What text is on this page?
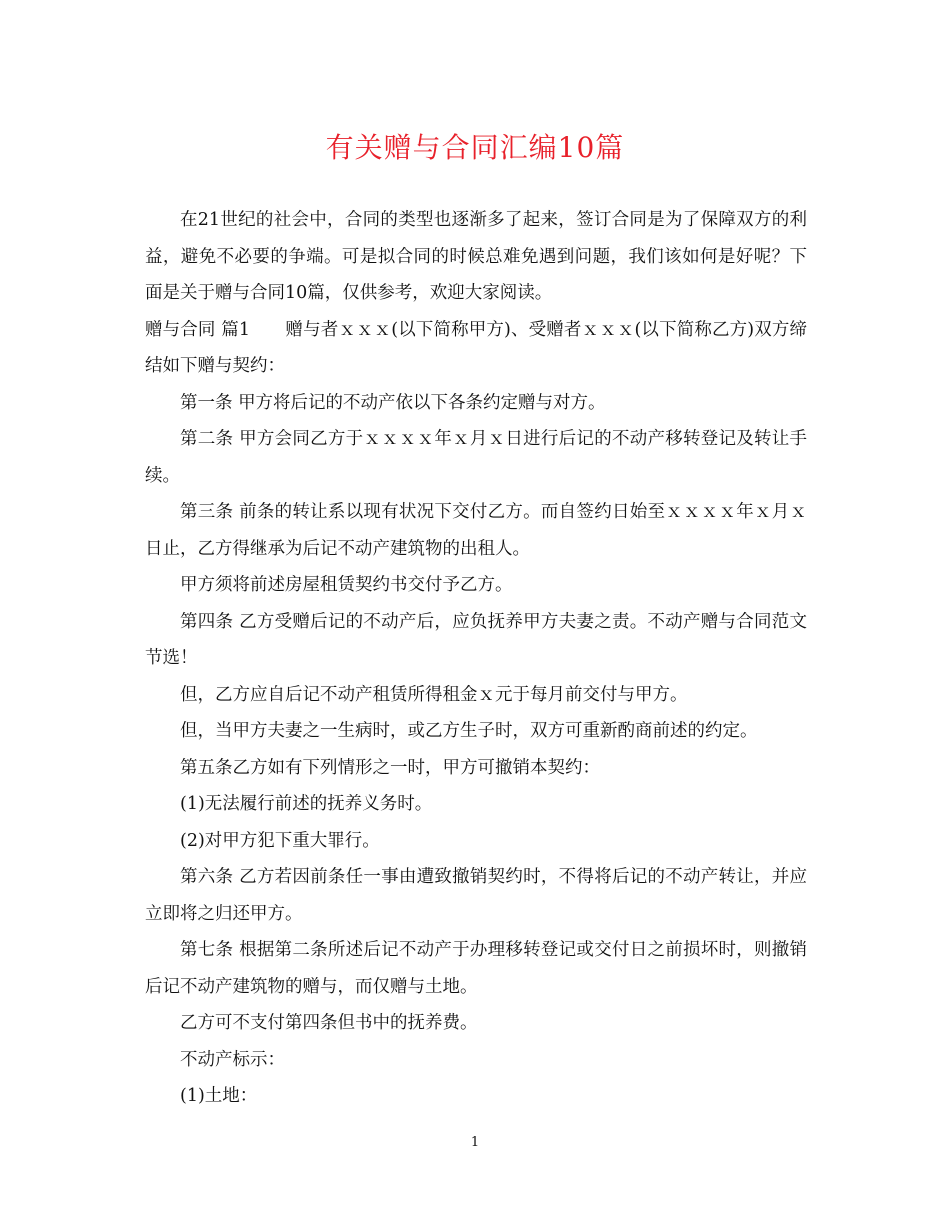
有关赠与合同汇编10篇

在21世纪的社会中，合同的类型也逐渐多了起来，签订合同是为了保障双方的利益，避免不必要的争端。可是拟合同的时候总难免遇到问题，我们该如何是好呢？下面是关于赠与合同10篇，仅供参考，欢迎大家阅读。

赠与合同 篇1　　赠与者ｘｘｘ(以下简称甲方)、受赠者ｘｘｘ(以下简称乙方)双方缔结如下赠与契约：

第一条 甲方将后记的不动产依以下各条约定赠与对方。

第二条 甲方会同乙方于ｘｘｘｘ年ｘ月ｘ日进行后记的不动产移转登记及转让手续。

第三条 前条的转让系以现有状况下交付乙方。而自签约日始至ｘｘｘｘ年ｘ月ｘ日止，乙方得继承为后记不动产建筑物的出租人。

甲方须将前述房屋租赁契约书交付予乙方。

第四条 乙方受赠后记的不动产后，应负抚养甲方夫妻之责。不动产赠与合同范文节选！

但，乙方应自后记不动产租赁所得租金ｘ元于每月前交付与甲方。

但，当甲方夫妻之一生病时，或乙方生子时，双方可重新酌商前述的约定。

第五条乙方如有下列情形之一时，甲方可撤销本契约：

(1)无法履行前述的抚养义务时。

(2)对甲方犯下重大罪行。

第六条 乙方若因前条任一事由遭致撤销契约时，不得将后记的不动产转让，并应立即将之归还甲方。

第七条 根据第二条所述后记不动产于办理移转登记或交付日之前损坏时，则撤销后记不动产建筑物的赠与，而仅赠与土地。

乙方可不支付第四条但书中的抚养费。

不动产标示：

(1)土地：

1
